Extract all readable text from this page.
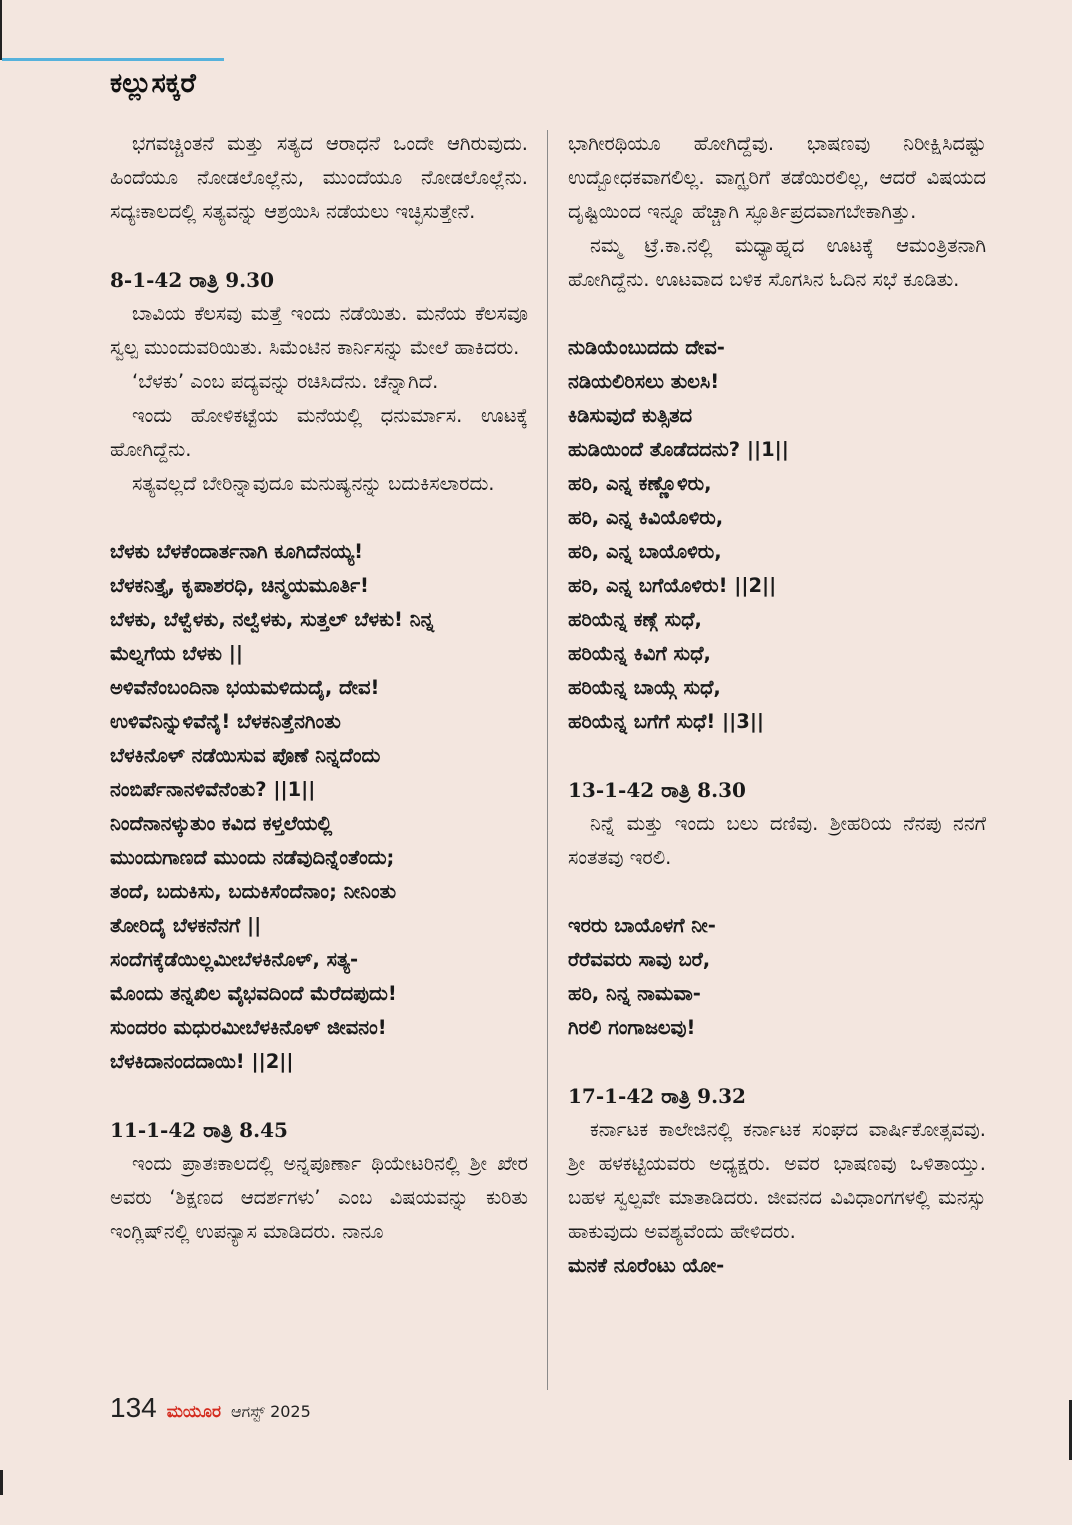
ಕಲ್ಲುಸಕ್ಕರೆ

ಭಗವಚ್ಚಿಂತನೆ ಮತ್ತು ಸತ್ಯದ ಆರಾಧನೆ ಒಂದೇ ಆಗಿರುವುದು. ಹಿಂದೆಯೂ ನೋಡಲೊಲ್ಲೆನು, ಮುಂದೆಯೂ ನೋಡಲೊಲ್ಲೆನು. ಸದ್ಯಃಕಾಲದಲ್ಲಿ ಸತ್ಯವನ್ನು ಆಶ್ರಯಿಸಿ ನಡೆಯಲು ಇಚ್ಛಿಸುತ್ತೇನೆ.

8-1-42 ರಾತ್ರಿ 9.30

ಬಾವಿಯ ಕೆಲಸವು ಮತ್ತೆ ಇಂದು ನಡೆಯಿತು. ಮನೆಯ ಕೆಲಸವೂ ಸ್ವಲ್ಪ ಮುಂದುವರಿಯಿತು. ಸಿಮೆಂಟಿನ ಕಾರ್ನಿಸನ್ನು ಮೇಲೆ ಹಾಕಿದರು.

‘ಬೆಳಕು’ ಎಂಬ ಪದ್ಯವನ್ನು ರಚಿಸಿದೆನು. ಚೆನ್ನಾಗಿದೆ.

ಇಂದು ಹೋಳಿಕಟ್ಟೆಯ ಮನೆಯಲ್ಲಿ ಧನುರ್ಮಾಸ. ಊಟಕ್ಕೆ ಹೋಗಿದ್ದೆನು.

ಸತ್ಯವಲ್ಲದೆ ಬೇರಿನ್ನಾವುದೂ ಮನುಷ್ಯನನ್ನು ಬದುಕಿಸಲಾರದು.

ಬೆಳಕು ಬೆಳಕೆಂದಾರ್ತನಾಗಿ ಕೂಗಿದೆನಯ್ಯ!
ಬೆಳಕನಿತ್ತೈ, ಕೃಪಾಶರಧಿ, ಚಿನ್ಮಯಮೂರ್ತಿ!
ಬೆಳಕು, ಬೆಳ್ವೆಳಕು, ನಲ್ವೆಳಕು, ಸುತ್ತಲ್ ಬೆಳಕು! ನಿನ್ನ
ಮೆಲ್ನಗೆಯ ಬೆಳಕು ||
ಅಳಿವೆನೆಂಬಂದಿನಾ ಭಯಮಳಿದುದೈ, ದೇವ!
ಉಳಿವೆನಿನ್ನುಳಿವೆನೈ! ಬೆಳಕನಿತ್ತೆನಗಿಂತು
ಬೆಳಕಿನೊಳ್ ನಡೆಯಿಸುವ ಪೊಣೆ ನಿನ್ನದೆಂದು
ನಂಬಿರ್ಪೆನಾನಳಿವೆನೆಂತು? ||1||
ನಿಂದೆನಾನಳ್ಕುತುಂ ಕವಿದ ಕಳ್ತಲೆಯಲ್ಲಿ
ಮುಂದುಗಾಣದೆ ಮುಂದು ನಡೆವುದಿನ್ನೆಂತೆಂದು;
ತಂದೆ, ಬದುಕಿಸು, ಬದುಕಿಸೆಂದೆನಾಂ; ನೀನಿಂತು
ತೋರಿದೈ ಬೆಳಕನೆನಗೆ ||
ಸಂದೆಗಕ್ಕೆಡೆಯಿಲ್ಲಮೀಬೆಳಕಿನೊಳ್, ಸತ್ಯ-
ಮೊಂದು ತನ್ನಖಿಲ ವೈಭವದಿಂದೆ ಮೆರೆದಪುದು!
ಸುಂದರಂ ಮಧುರಮೀಬೆಳಕಿನೊಳ್ ಜೀವನಂ!
ಬೆಳಕಿದಾನಂದದಾಯಿ! ||2||
11-1-42 ರಾತ್ರಿ 8.45

ಇಂದು ಪ್ರಾತಃಕಾಲದಲ್ಲಿ ಅನ್ನಪೂರ್ಣಾ ಥಿಯೇಟರಿನಲ್ಲಿ ಶ್ರೀ ಖೇರ ಅವರು ‘ಶಿಕ್ಷಣದ ಆದರ್ಶಗಳು’ ಎಂಬ ವಿಷಯವನ್ನು ಕುರಿತು ಇಂಗ್ಲಿಷ್‌ನಲ್ಲಿ ಉಪನ್ಯಾಸ ಮಾಡಿದರು. ನಾನೂ

ಭಾಗೀರಥಿಯೂ ಹೋಗಿದ್ದೆವು. ಭಾಷಣವು ನಿರೀಕ್ಷಿಸಿದಷ್ಟು ಉದ್ಬೋಧಕವಾಗಲಿಲ್ಲ. ವಾಗ್ಝರಿಗೆ ತಡೆಯಿರಲಿಲ್ಲ, ಆದರೆ ವಿಷಯದ ದೃಷ್ಟಿಯಿಂದ ಇನ್ನೂ ಹೆಚ್ಚಾಗಿ ಸ್ಫೂರ್ತಿಪ್ರದವಾಗಬೇಕಾಗಿತ್ತು.

ನಮ್ಮ ಟ್ರೆ.ಕಾ.ನಲ್ಲಿ ಮಧ್ಯಾಹ್ನದ ಊಟಕ್ಕೆ ಆಮಂತ್ರಿತನಾಗಿ ಹೋಗಿದ್ದೆನು. ಊಟವಾದ ಬಳಿಕ ಸೊಗಸಿನ ಓದಿನ ಸಭೆ ಕೂಡಿತು.

ನುಡಿಯೆಂಬುದದು ದೇವ-
ನಡಿಯಲಿರಿಸಲು ತುಲಸಿ!
ಕಿಡಿಸುವುದೆ ಕುತ್ಸಿತದ
ಹುಡಿಯಿಂದೆ ತೊಡೆದದನು? ||1||
ಹರಿ, ಎನ್ನ ಕಣ್ಣೊಳಿರು,
ಹರಿ, ಎನ್ನ ಕಿವಿಯೊಳಿರು,
ಹರಿ, ಎನ್ನ ಬಾಯೊಳಿರು,
ಹರಿ, ಎನ್ನ ಬಗೆಯೊಳಿರು! ||2||
ಹರಿಯೆನ್ನ ಕಣ್ಗೆ ಸುಧೆ,
ಹರಿಯೆನ್ನ ಕಿವಿಗೆ ಸುಧೆ,
ಹರಿಯೆನ್ನ ಬಾಯ್ಗೆ ಸುಧೆ,
ಹರಿಯೆನ್ನ ಬಗೆಗೆ ಸುಧೆ! ||3||
13-1-42 ರಾತ್ರಿ 8.30

ನಿನ್ನೆ ಮತ್ತು ಇಂದು ಬಲು ದಣಿವು. ಶ್ರೀಹರಿಯ ನೆನಪು ನನಗೆ ಸಂತತವು ಇರಲಿ.

ಇರರು ಬಾಯೊಳಗೆ ನೀ-
ರೆರೆವವರು ಸಾವು ಬರೆ,
ಹರಿ, ನಿನ್ನ ನಾಮವಾ-
ಗಿರಲಿ ಗಂಗಾಜಲವು!
17-1-42 ರಾತ್ರಿ 9.32

ಕರ್ನಾಟಕ ಕಾಲೇಜಿನಲ್ಲಿ ಕರ್ನಾಟಕ ಸಂಘದ ವಾರ್ಷಿಕೋತ್ಸವವು. ಶ್ರೀ ಹಳಕಟ್ಟಿಯವರು ಅಧ್ಯಕ್ಷರು. ಅವರ ಭಾಷಣವು ಒಳಿತಾಯ್ತು. ಬಹಳ ಸ್ವಲ್ಪವೇ ಮಾತಾಡಿದರು. ಜೀವನದ ವಿವಿಧಾಂಗಗಳಲ್ಲಿ ಮನಸ್ಸು ಹಾಕುವುದು ಅವಶ್ಯವೆಂದು ಹೇಳಿದರು.

ಮನಕೆ ನೂರೆಂಟು ಯೋ-
134 ಮಯೂರ ಆಗಸ್ಟ್ 2025
